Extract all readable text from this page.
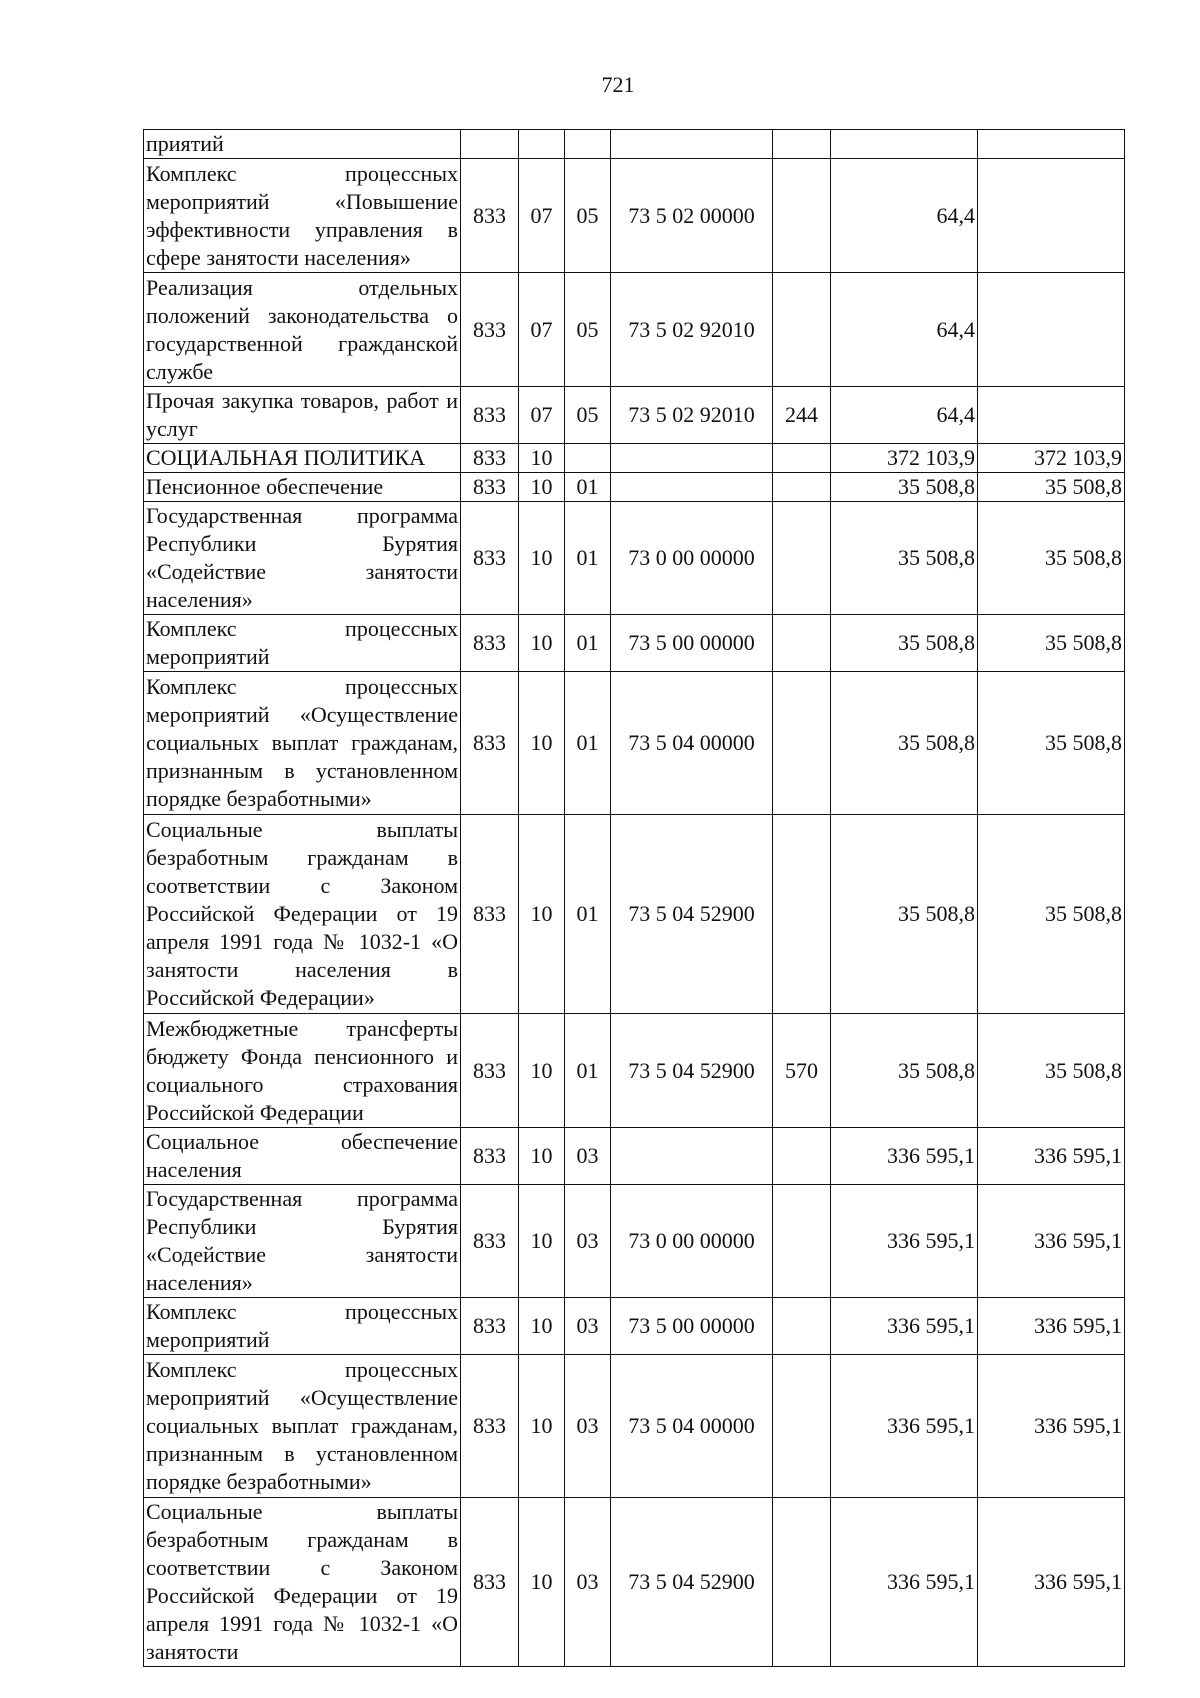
721
приятий							
Комплекс процессных мероприятий «Повышение эффективности управления в сфере занятости населения»	833	07	05	73 5 02 00000		64,4	
Реализация отдельных положений законодательства о государственной гражданской службе	833	07	05	73 5 02 92010		64,4	
Прочая закупка товаров, работ и услуг	833	07	05	73 5 02 92010	244	64,4	
СОЦИАЛЬНАЯ ПОЛИТИКА	833	10				372 103,9	372 103,9
Пенсионное обеспечение	833	10	01			35 508,8	35 508,8
Государственная программа Республики Бурятия «Содействие занятости населения»	833	10	01	73 0 00 00000		35 508,8	35 508,8
Комплекс процессных мероприятий	833	10	01	73 5 00 00000		35 508,8	35 508,8
Комплекс процессных мероприятий «Осуществление социальных выплат гражданам, признанным в установленном порядке безработными»	833	10	01	73 5 04 00000		35 508,8	35 508,8
Социальные выплаты безработным гражданам в соответствии с Законом Российской Федерации от 19 апреля 1991 года № 1032-1 «О занятости населения в Российской Федерации»	833	10	01	73 5 04 52900		35 508,8	35 508,8
Межбюджетные трансферты бюджету Фонда пенсионного и социального страхования Российской Федерации	833	10	01	73 5 04 52900	570	35 508,8	35 508,8
Социальное обеспечение населения	833	10	03			336 595,1	336 595,1
Государственная программа Республики Бурятия «Содействие занятости населения»	833	10	03	73 0 00 00000		336 595,1	336 595,1
Комплекс процессных мероприятий	833	10	03	73 5 00 00000		336 595,1	336 595,1
Комплекс процессных мероприятий «Осуществление социальных выплат гражданам, признанным в установленном порядке безработными»	833	10	03	73 5 04 00000		336 595,1	336 595,1
Социальные выплаты безработным гражданам в соответствии с Законом Российской Федерации от 19 апреля 1991 года № 1032-1 «О занятости	833	10	03	73 5 04 52900		336 595,1	336 595,1
